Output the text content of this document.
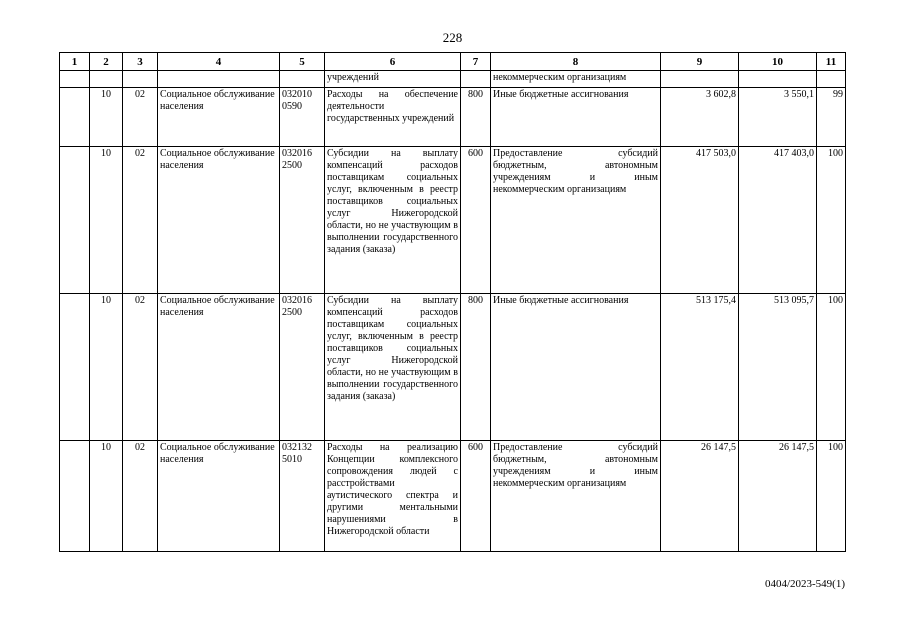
228
1	2	3	4	5	6	7	8	9	10	11
					учреждений		некоммерческим организациям			
	10	02	Социальное обслуживание населения	032010 0590	Расходы на обеспечение деятельности государственных учреждений	800	Иные бюджетные ассигнования	3 602,8	3 550,1	99
	10	02	Социальное обслуживание населения	032016 2500	Субсидии на выплату компенсаций расходов поставщикам социальных услуг, включенным в реестр поставщиков социальных услуг Нижегородской области, но не участвующим в выполнении государственного задания (заказа)	600	Предоставление субсидий бюджетным, автономным учреждениям и иным некоммерческим организациям	417 503,0	417 403,0	100
	10	02	Социальное обслуживание населения	032016 2500	Субсидии на выплату компенсаций расходов поставщикам социальных услуг, включенным в реестр поставщиков социальных услуг Нижегородской области, но не участвующим в выполнении государственного задания (заказа)	800	Иные бюджетные ассигнования	513 175,4	513 095,7	100
	10	02	Социальное обслуживание населения	032132 5010	Расходы на реализацию Концепции комплексного сопровождения людей с расстройствами аутистического спектра и другими ментальными нарушениями в Нижегородской области	600	Предоставление субсидий бюджетным, автономным учреждениям и иным некоммерческим организациям	26 147,5	26 147,5	100
0404/2023-549(1)
